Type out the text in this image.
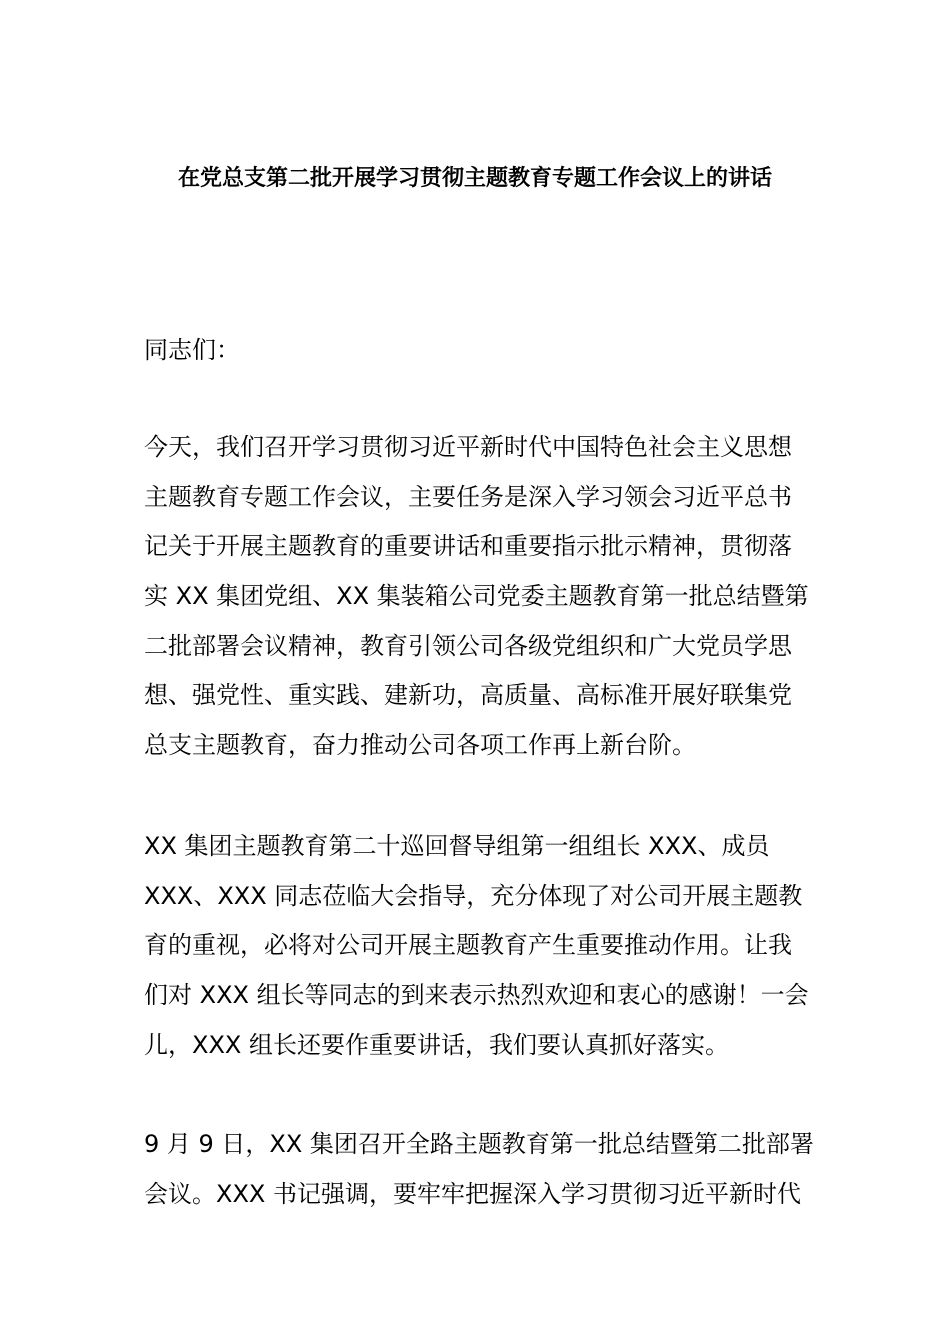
在党总支第二批开展学习贯彻主题教育专题工作会议上的讲话
同志们：
今天，我们召开学习贯彻习近平新时代中国特色社会主义思想
主题教育专题工作会议，主要任务是深入学习领会习近平总书
记关于开展主题教育的重要讲话和重要指示批示精神，贯彻落
实 XX 集团党组、XX 集装箱公司党委主题教育第一批总结暨第
二批部署会议精神，教育引领公司各级党组织和广大党员学思
想、强党性、重实践、建新功，高质量、高标准开展好联集党
总支主题教育，奋力推动公司各项工作再上新台阶。
XX 集团主题教育第二十巡回督导组第一组组长 XXX、成员
XXX、XXX 同志莅临大会指导，充分体现了对公司开展主题教
育的重视，必将对公司开展主题教育产生重要推动作用。让我
们对 XXX 组长等同志的到来表示热烈欢迎和衷心的感谢！一会
儿，XXX 组长还要作重要讲话，我们要认真抓好落实。
9 月 9 日，XX 集团召开全路主题教育第一批总结暨第二批部署
会议。XXX 书记强调，要牢牢把握深入学习贯彻习近平新时代
